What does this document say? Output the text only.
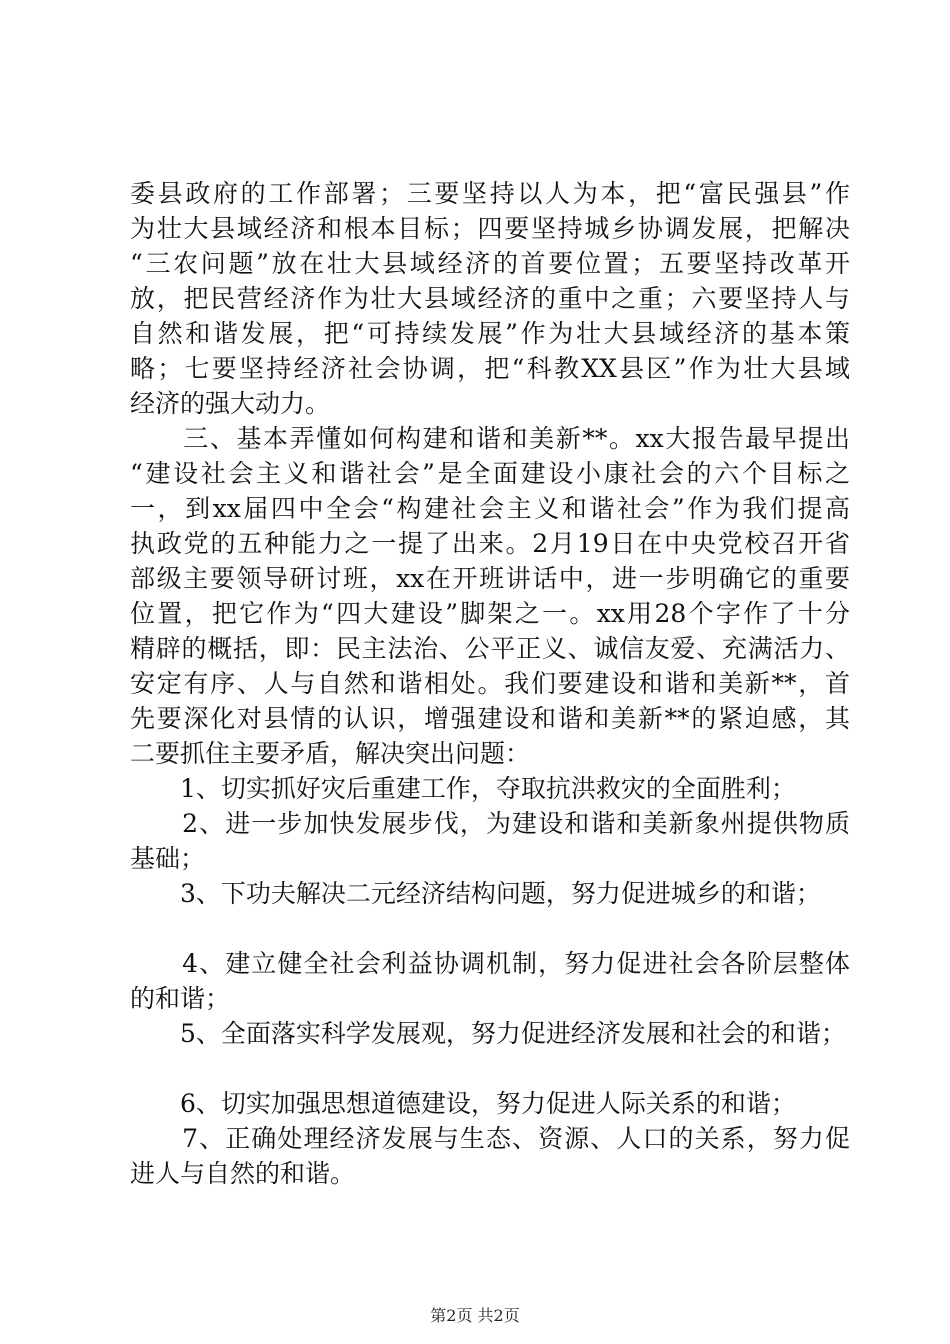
委县政府的工作部署；三要坚持以人为本，把“富民强县”作
为壮大县域经济和根本目标；四要坚持城乡协调发展，把解决
“三农问题”放在壮大县域经济的首要位置；五要坚持改革开
放，把民营经济作为壮大县域经济的重中之重；六要坚持人与
自然和谐发展，把“可持续发展”作为壮大县域经济的基本策
略；七要坚持经济社会协调，把“科教XX县区”作为壮大县域
经济的强大动力。
　　三、基本弄懂如何构建和谐和美新**。xx大报告最早提出
“建设社会主义和谐社会”是全面建设小康社会的六个目标之
一，到xx届四中全会“构建社会主义和谐社会”作为我们提高
执政党的五种能力之一提了出来。2月19日在中央党校召开省
部级主要领导研讨班，xx在开班讲话中，进一步明确它的重要
位置，把它作为“四大建设”脚架之一。xx用28个字作了十分
精辟的概括，即：民主法治、公平正义、诚信友爱、充满活力、
安定有序、人与自然和谐相处。我们要建设和谐和美新**，首
先要深化对县情的认识，增强建设和谐和美新**的紧迫感，其
二要抓住主要矛盾，解决突出问题：
　　1、切实抓好灾后重建工作，夺取抗洪救灾的全面胜利；
　　2、进一步加快发展步伐，为建设和谐和美新象州提供物质
基础；
　　3、下功夫解决二元经济结构问题，努力促进城乡的和谐；
　　4、建立健全社会利益协调机制，努力促进社会各阶层整体
的和谐；
　　5、全面落实科学发展观，努力促进经济发展和社会的和谐；
　　6、切实加强思想道德建设，努力促进人际关系的和谐；
　　7、正确处理经济发展与生态、资源、人口的关系，努力促
进人与自然的和谐。
第2页 共2页
